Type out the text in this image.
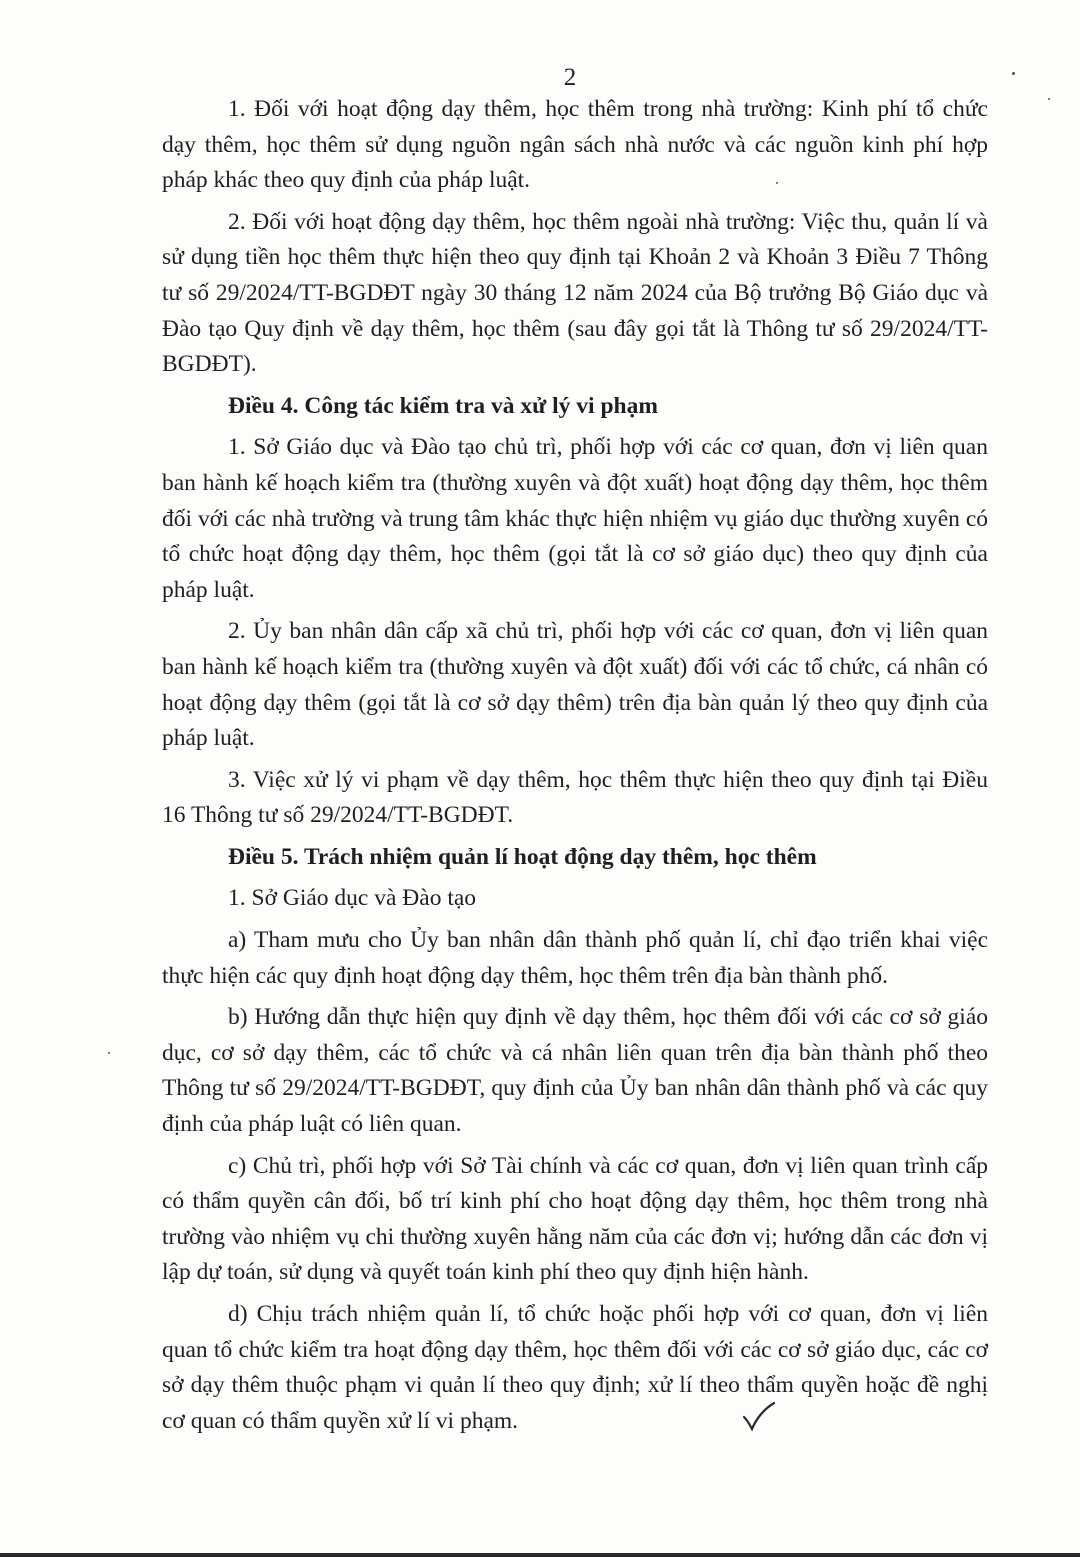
2

1. Đối với hoạt động dạy thêm, học thêm trong nhà trường: Kinh phí tổ chức dạy thêm, học thêm sử dụng nguồn ngân sách nhà nước và các nguồn kinh phí hợp pháp khác theo quy định của pháp luật.

2. Đối với hoạt động dạy thêm, học thêm ngoài nhà trường: Việc thu, quản lí và sử dụng tiền học thêm thực hiện theo quy định tại Khoản 2 và Khoản 3 Điều 7 Thông tư số 29/2024/TT-BGDĐT ngày 30 tháng 12 năm 2024 của Bộ trưởng Bộ Giáo dục và Đào tạo Quy định về dạy thêm, học thêm (sau đây gọi tắt là Thông tư số 29/2024/TT-BGDĐT).

Điều 4. Công tác kiểm tra và xử lý vi phạm

1. Sở Giáo dục và Đào tạo chủ trì, phối hợp với các cơ quan, đơn vị liên quan ban hành kế hoạch kiểm tra (thường xuyên và đột xuất) hoạt động dạy thêm, học thêm đối với các nhà trường và trung tâm khác thực hiện nhiệm vụ giáo dục thường xuyên có tổ chức hoạt động dạy thêm, học thêm (gọi tắt là cơ sở giáo dục) theo quy định của pháp luật.

2. Ủy ban nhân dân cấp xã chủ trì, phối hợp với các cơ quan, đơn vị liên quan ban hành kế hoạch kiểm tra (thường xuyên và đột xuất) đối với các tổ chức, cá nhân có hoạt động dạy thêm (gọi tắt là cơ sở dạy thêm) trên địa bàn quản lý theo quy định của pháp luật.

3. Việc xử lý vi phạm về dạy thêm, học thêm thực hiện theo quy định tại Điều 16 Thông tư số 29/2024/TT-BGDĐT.

Điều 5. Trách nhiệm quản lí hoạt động dạy thêm, học thêm

1. Sở Giáo dục và Đào tạo

a) Tham mưu cho Ủy ban nhân dân thành phố quản lí, chỉ đạo triển khai việc thực hiện các quy định hoạt động dạy thêm, học thêm trên địa bàn thành phố.

b) Hướng dẫn thực hiện quy định về dạy thêm, học thêm đối với các cơ sở giáo dục, cơ sở dạy thêm, các tổ chức và cá nhân liên quan trên địa bàn thành phố theo Thông tư số 29/2024/TT-BGDĐT, quy định của Ủy ban nhân dân thành phố và các quy định của pháp luật có liên quan.

c) Chủ trì, phối hợp với Sở Tài chính và các cơ quan, đơn vị liên quan trình cấp có thẩm quyền cân đối, bố trí kinh phí cho hoạt động dạy thêm, học thêm trong nhà trường vào nhiệm vụ chi thường xuyên hằng năm của các đơn vị; hướng dẫn các đơn vị lập dự toán, sử dụng và quyết toán kinh phí theo quy định hiện hành.

d) Chịu trách nhiệm quản lí, tổ chức hoặc phối hợp với cơ quan, đơn vị liên quan tổ chức kiểm tra hoạt động dạy thêm, học thêm đối với các cơ sở giáo dục, các cơ sở dạy thêm thuộc phạm vi quản lí theo quy định; xử lí theo thẩm quyền hoặc đề nghị cơ quan có thẩm quyền xử lí vi phạm.
